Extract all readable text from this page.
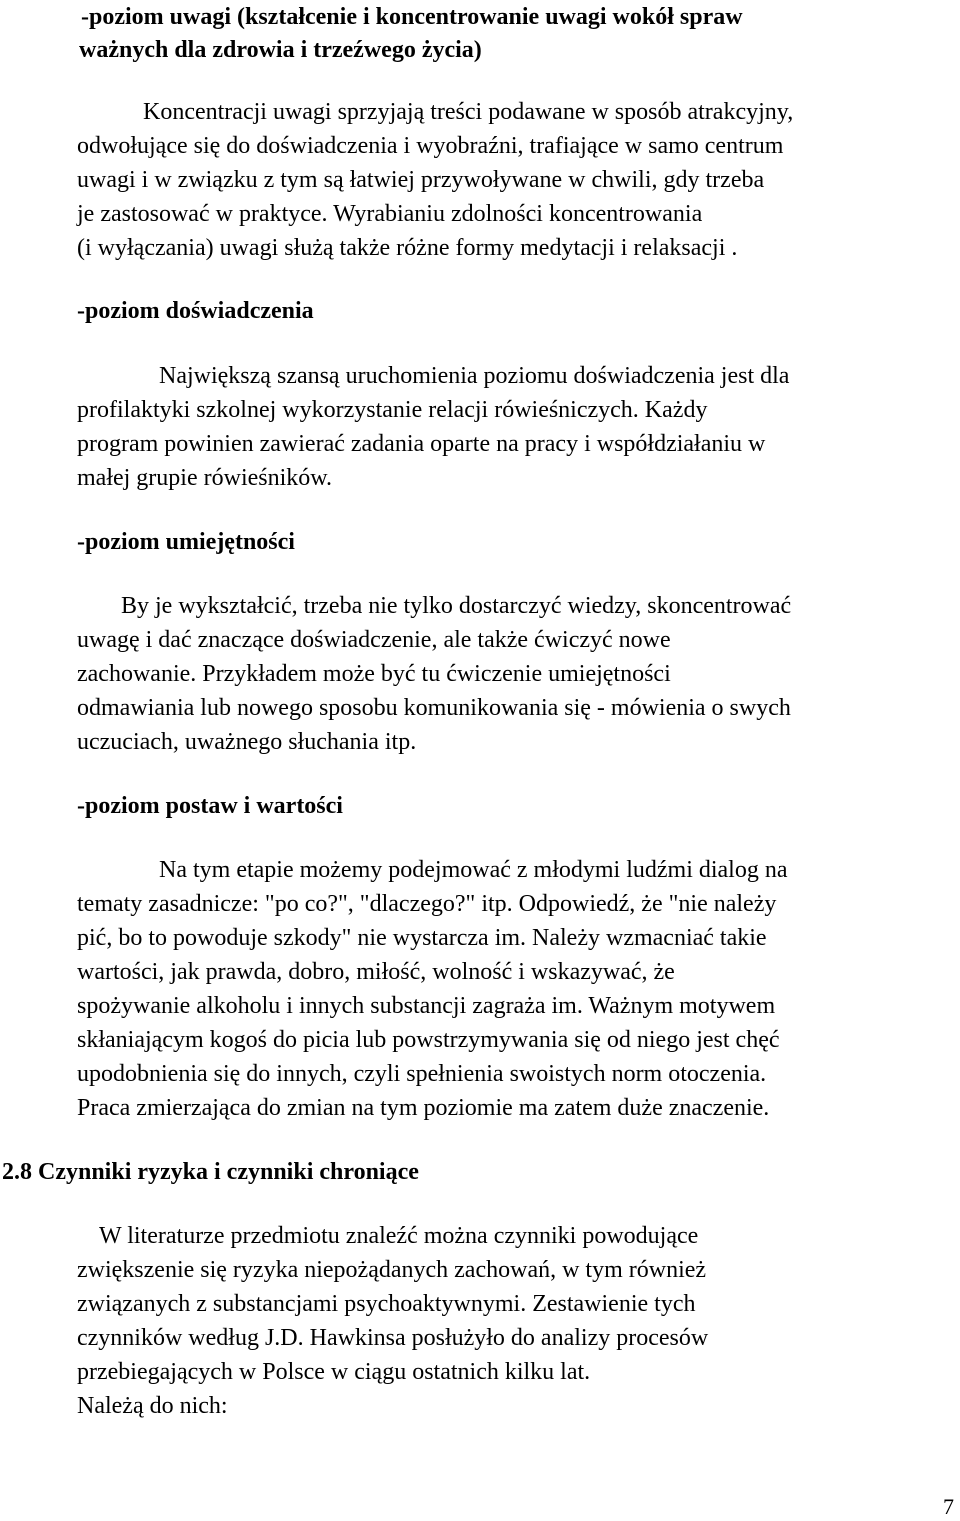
-poziom uwagi (kształcenie i koncentrowanie uwagi wokół spraw
ważnych dla zdrowia i trzeźwego życia)
Koncentracji uwagi sprzyjają treści podawane w sposób atrakcyjny,
odwołujące się do doświadczenia i wyobraźni, trafiające w samo centrum
uwagi i w związku z tym są łatwiej przywoływane w chwili, gdy trzeba
je zastosować w praktyce. Wyrabianiu zdolności koncentrowania
(i wyłączania) uwagi służą także różne formy medytacji i relaksacji .
-poziom doświadczenia
Największą szansą uruchomienia poziomu doświadczenia jest dla
profilaktyki szkolnej wykorzystanie relacji rówieśniczych. Każdy
program powinien zawierać zadania oparte na pracy i współdziałaniu w
małej grupie rówieśników.
-poziom umiejętności
By je wykształcić, trzeba nie tylko dostarczyć wiedzy, skoncentrować
uwagę i dać znaczące doświadczenie, ale także ćwiczyć nowe
zachowanie. Przykładem może być tu ćwiczenie umiejętności
odmawiania lub nowego sposobu komunikowania się - mówienia o swych
uczuciach, uważnego słuchania itp.
-poziom postaw i wartości
Na tym etapie możemy podejmować z młodymi ludźmi dialog na
tematy zasadnicze: "po co?", "dlaczego?" itp. Odpowiedź, że "nie należy
pić, bo to powoduje szkody" nie wystarcza im. Należy wzmacniać takie
wartości, jak prawda, dobro, miłość, wolność i wskazywać, że
spożywanie alkoholu i innych substancji zagraża im. Ważnym motywem
skłaniającym kogoś do picia lub powstrzymywania się od niego jest chęć
upodobnienia się do innych, czyli spełnienia swoistych norm otoczenia.
Praca zmierzająca do zmian na tym poziomie ma zatem duże znaczenie.
2.8 Czynniki ryzyka i czynniki chroniące
W literaturze przedmiotu znaleźć można czynniki powodujące
zwiększenie się ryzyka niepożądanych zachowań, w tym również
związanych z substancjami psychoaktywnymi. Zestawienie tych
czynników według J.D. Hawkinsa posłużyło do analizy procesów
przebiegających w Polsce w ciągu ostatnich kilku lat.
Należą do nich:
7
